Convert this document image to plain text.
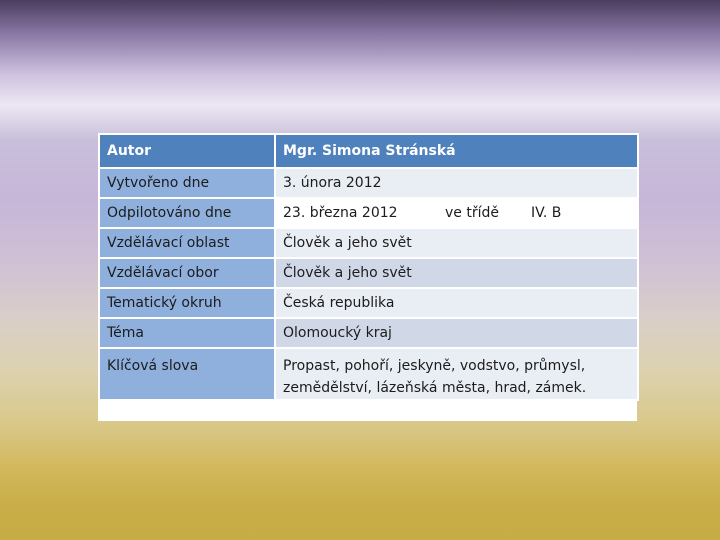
Autor	Mgr. Simona Stránská		
Vytvořeno dne	3. února 2012		
Odpilotováno dne	23. března 2012	ve třídě	IV. B
Vzdělávací oblast	Člověk a jeho svět		
Vzdělávací obor	Člověk a jeho svět		
Tematický okruh	Česká republika		
Téma	Olomoucký kraj		
Klíčová slova	Propast, pohoří, jeskyně, vodstvo, průmysl, zemědělství, lázeňská města, hrad, zámek.		
